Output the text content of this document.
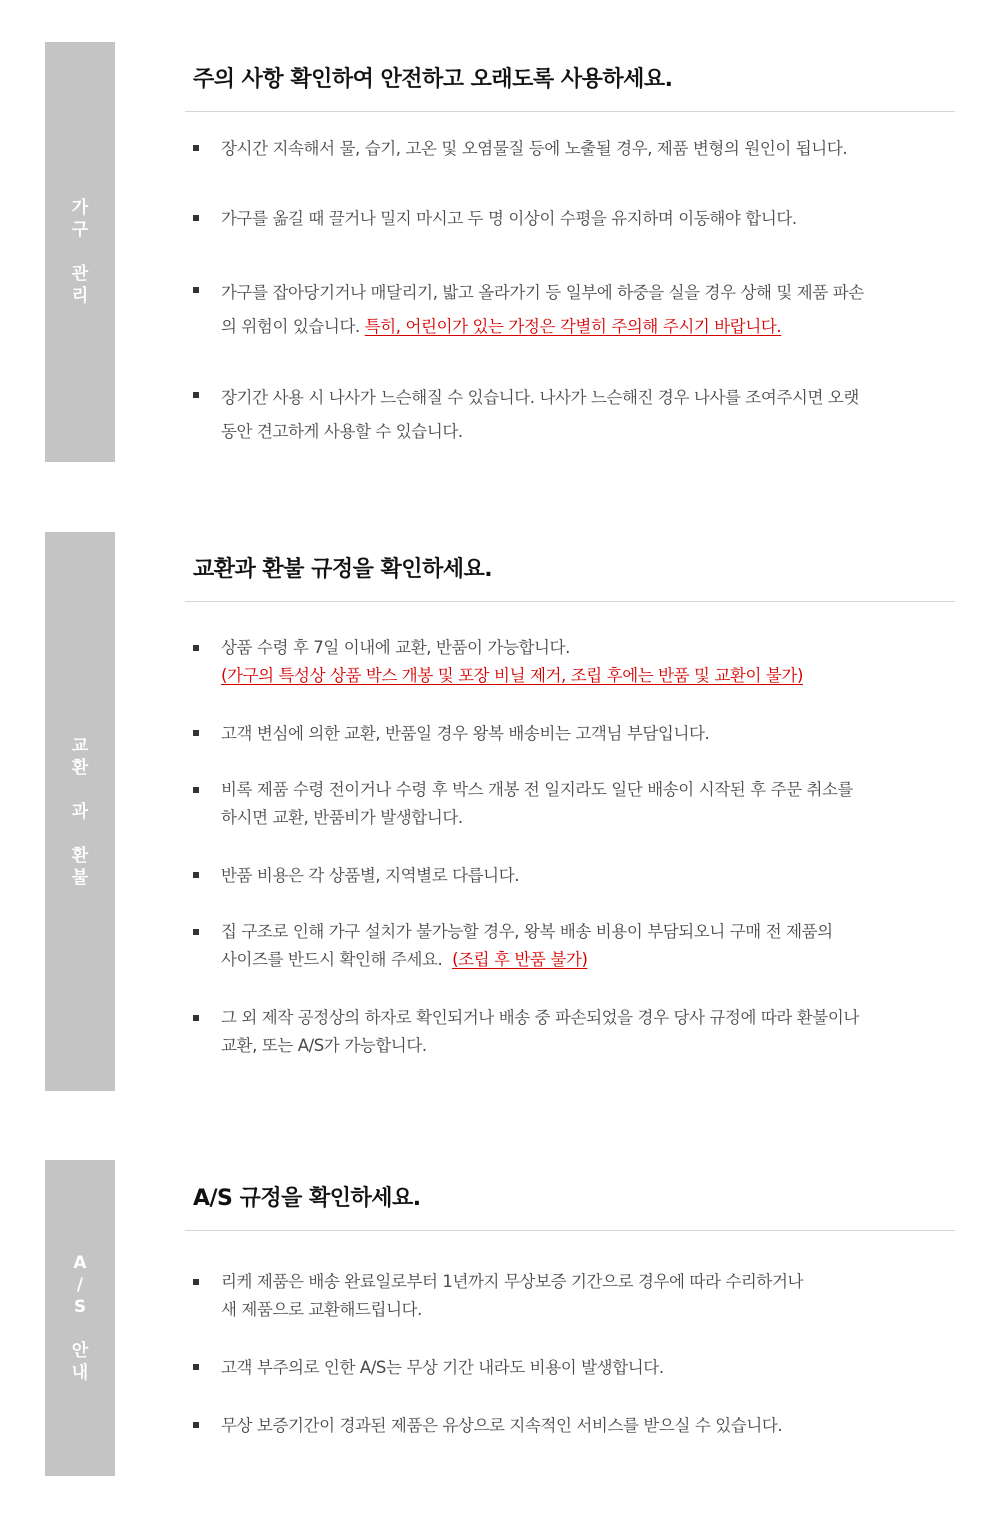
가
구
관
리
주의 사항 확인하여 안전하고 오래도록 사용하세요.
장시간 지속해서 물, 습기, 고온 및 오염물질 등에 노출될 경우, 제품 변형의 원인이 됩니다.
가구를 옮길 때 끌거나 밀지 마시고 두 명 이상이 수평을 유지하며 이동해야 합니다.
가구를 잡아당기거나 매달리기, 밟고 올라가기 등 일부에 하중을 실을 경우 상해 및 제품 파손
의 위험이 있습니다. 특히, 어린이가 있는 가정은 각별히 주의해 주시기 바랍니다.
장기간 사용 시 나사가 느슨해질 수 있습니다. 나사가 느슨해진 경우 나사를 조여주시면 오랫
동안 견고하게 사용할 수 있습니다.
교
환
과
환
불
교환과 환불 규정을 확인하세요.
상품 수령 후 7일 이내에 교환, 반품이 가능합니다.
(가구의 특성상 상품 박스 개봉 및 포장 비닐 제거, 조립 후에는 반품 및 교환이 불가)
고객 변심에 의한 교환, 반품일 경우 왕복 배송비는 고객님 부담입니다.
비록 제품 수령 전이거나 수령 후 박스 개봉 전 일지라도 일단 배송이 시작된 후 주문 취소를
하시면 교환, 반품비가 발생합니다.
반품 비용은 각 상품별, 지역별로 다릅니다.
집 구조로 인해 가구 설치가 불가능할 경우, 왕복 배송 비용이 부담되오니 구매 전 제품의
사이즈를 반드시 확인해 주세요. (조립 후 반품 불가)
그 외 제작 공정상의 하자로 확인되거나 배송 중 파손되었을 경우 당사 규정에 따라 환불이나
교환, 또는 A/S가 가능합니다.
A
/
S
안
내
A/S 규정을 확인하세요.
리케 제품은 배송 완료일로부터 1년까지 무상보증 기간으로 경우에 따라 수리하거나
새 제품으로 교환해드립니다.
고객 부주의로 인한 A/S는 무상 기간 내라도 비용이 발생합니다.
무상 보증기간이 경과된 제품은 유상으로 지속적인 서비스를 받으실 수 있습니다.
